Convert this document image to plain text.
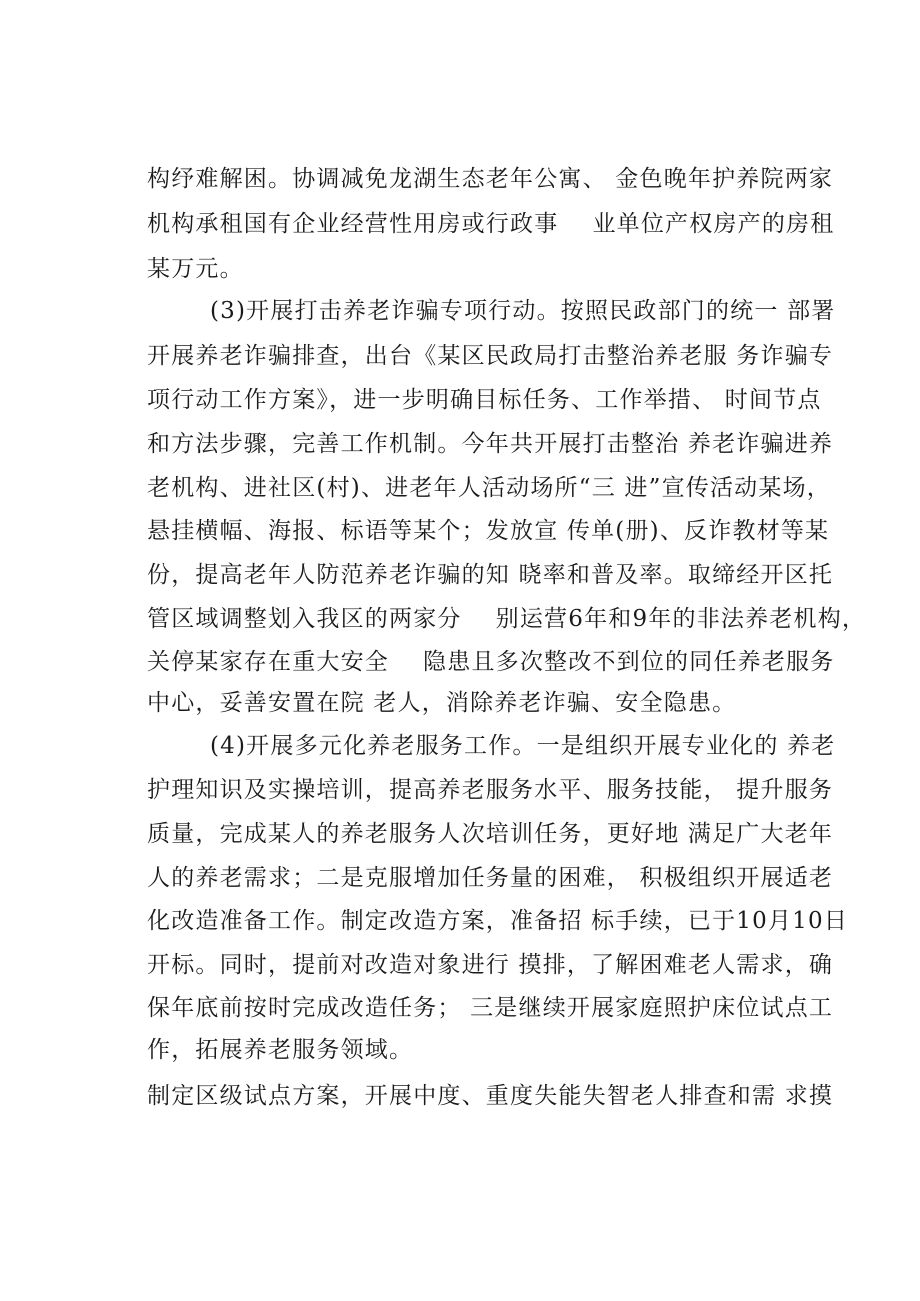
构纾难解困。协调减免龙湖生态老年公寓、 金色晚年护养院两家
机构承租国有企业经营性用房或行政事    业单位产权房产的房租
某万元。
(3)开展打击养老诈骗专项行动。按照民政部门的统一 部署
开展养老诈骗排查，出台《某区民政局打击整治养老服 务诈骗专
项行动工作方案》，进一步明确目标任务、工作举措、 时间节点
和方法步骤，完善工作机制。今年共开展打击整治 养老诈骗进养
老机构、进社区(村)、进老年人活动场所“三 进”宣传活动某场，
悬挂横幅、海报、标语等某个；发放宣 传单(册)、反诈教材等某
份，提高老年人防范养老诈骗的知 晓率和普及率。取缔经开区托
管区域调整划入我区的两家分    别运营6年和9年的非法养老机构，
关停某家存在重大安全    隐患且多次整改不到位的同任养老服务
中心，妥善安置在院 老人，消除养老诈骗、安全隐患。
(4)开展多元化养老服务工作。一是组织开展专业化的 养老
护理知识及实操培训，提高养老服务水平、服务技能， 提升服务
质量，完成某人的养老服务人次培训任务，更好地 满足广大老年
人的养老需求；二是克服增加任务量的困难， 积极组织开展适老
化改造准备工作。制定改造方案，准备招 标手续，已于10月10日
开标。同时，提前对改造对象进行 摸排，了解困难老人需求，确
保年底前按时完成改造任务； 三是继续开展家庭照护床位试点工
作，拓展养老服务领域。
制定区级试点方案，开展中度、重度失能失智老人排查和需 求摸
